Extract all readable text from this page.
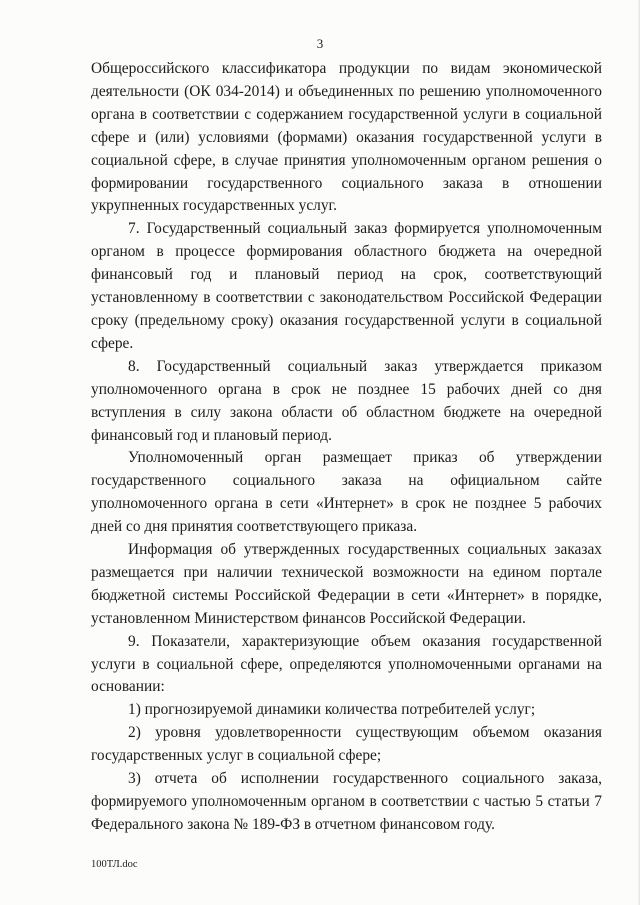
3

Общероссийского классификатора продукции по видам экономической деятельности (ОК 034-2014) и объединенных по решению уполномоченного органа в соответствии с содержанием государственной услуги в социальной сфере и (или) условиями (формами) оказания государственной услуги в социальной сфере, в случае принятия уполномоченным органом решения о формировании государственного социального заказа в отношении укрупненных государственных услуг.

7. Государственный социальный заказ формируется уполномоченным органом в процессе формирования областного бюджета на очередной финансовый год и плановый период на срок, соответствующий установленному в соответствии с законодательством Российской Федерации сроку (предельному сроку) оказания государственной услуги в социальной сфере.

8. Государственный социальный заказ утверждается приказом уполномоченного органа в срок не позднее 15 рабочих дней со дня вступления в силу закона области об областном бюджете на очередной финансовый год и плановый период.

Уполномоченный орган размещает приказ об утверждении государственного социального заказа на официальном сайте уполномоченного органа в сети «Интернет» в срок не позднее 5 рабочих дней со дня принятия соответствующего приказа.

Информация об утвержденных государственных социальных заказах размещается при наличии технической возможности на едином портале бюджетной системы Российской Федерации в сети «Интернет» в порядке, установленном Министерством финансов Российской Федерации.

9. Показатели, характеризующие объем оказания государственной услуги в социальной сфере, определяются уполномоченными органами на основании:

1) прогнозируемой динамики количества потребителей услуг;

2) уровня удовлетворенности существующим объемом оказания государственных услуг в социальной сфере;

3) отчета об исполнении государственного социального заказа, формируемого уполномоченным органом в соответствии с частью 5 статьи 7 Федерального закона № 189-ФЗ в отчетном финансовом году.

100ТЛ.doc
